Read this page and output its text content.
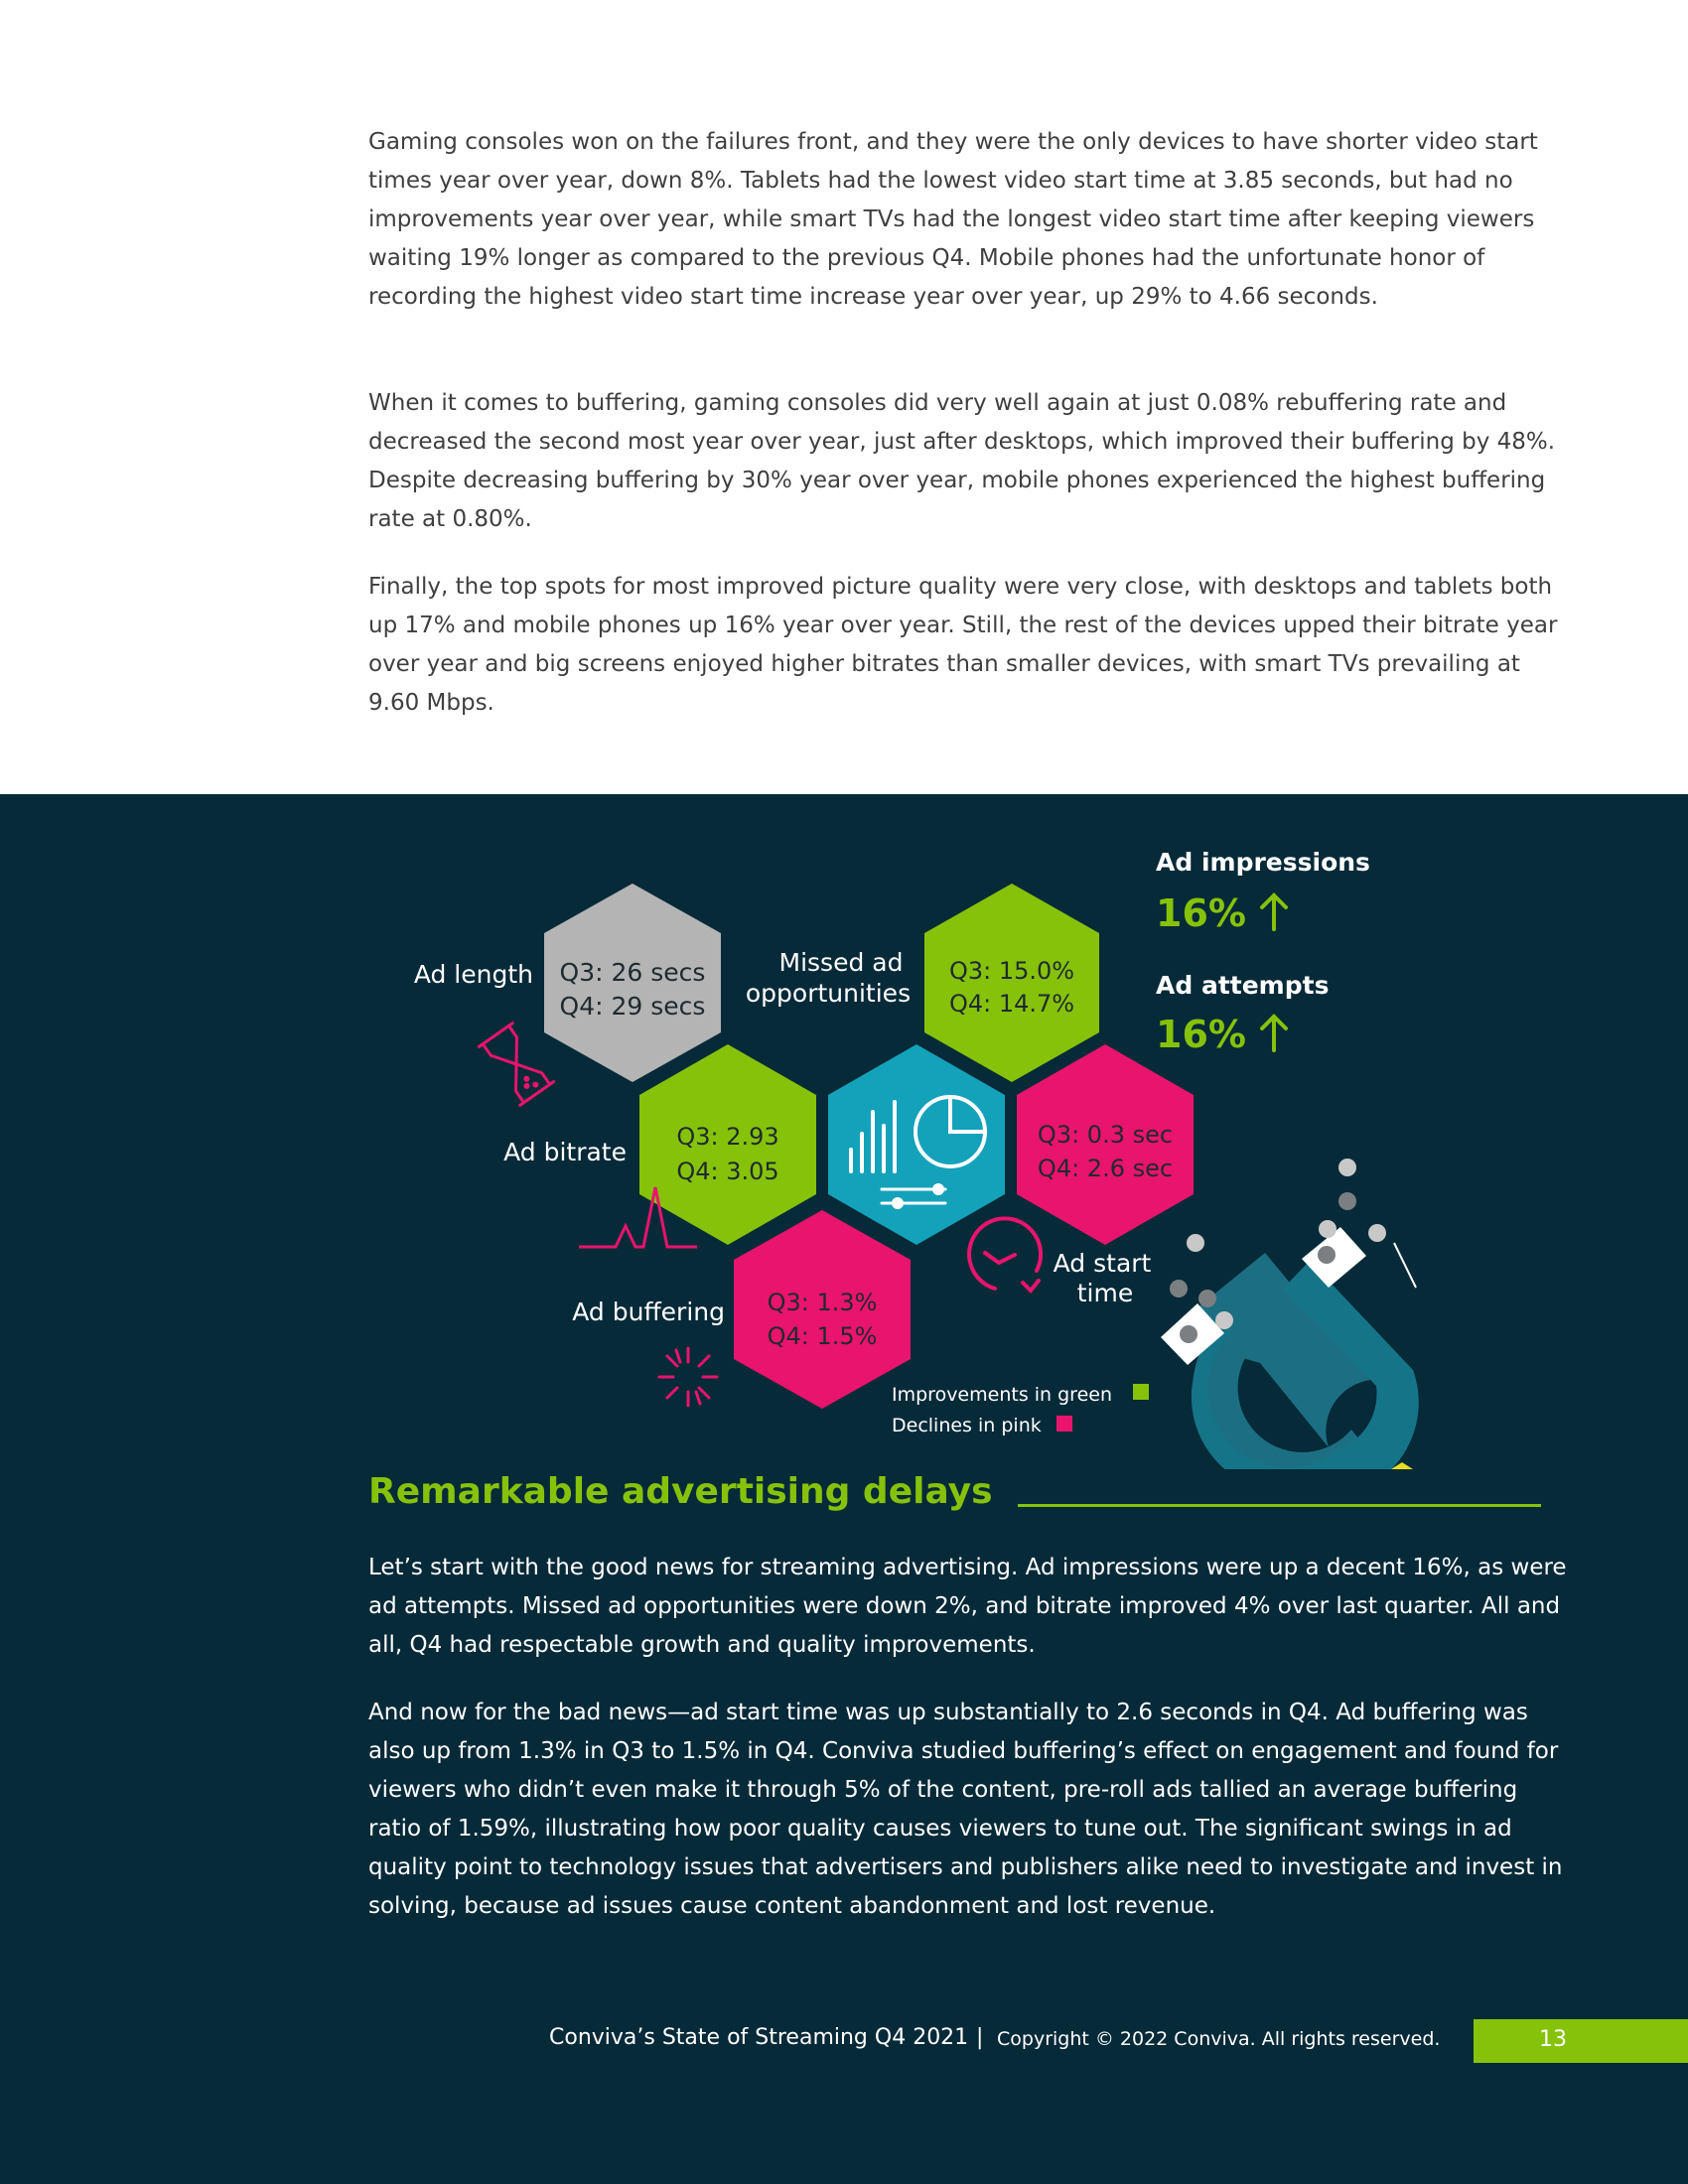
Gaming consoles won on the failures front, and they were the only devices to have shorter video start times year over year, down 8%. Tablets had the lowest video start time at 3.85 seconds, but had no improvements year over year, while smart TVs had the longest video start time after keeping viewers waiting 19% longer as compared to the previous Q4. Mobile phones had the unfortunate honor of recording the highest video start time increase year over year, up 29% to 4.66 seconds.

When it comes to buffering, gaming consoles did very well again at just 0.08% rebuffering rate and decreased the second most year over year, just after desktops, which improved their buffering by 48%. Despite decreasing buffering by 30% year over year, mobile phones experienced the highest buffering rate at 0.80%.

Finally, the top spots for most improved picture quality were very close, with desktops and tablets both up 17% and mobile phones up 16% year over year. Still, the rest of the devices upped their bitrate year over year and big screens enjoyed higher bitrates than smaller devices, with smart TVs prevailing at 9.60 Mbps.

Q3: 26 secs
Q4: 29 secs
Ad length	Q3: 15.0%
Q4: 14.7%
Missed ad
opportunities
Q3: 2.93
Q4: 3.05
Ad bitrate
Q3: 0.3 sec
Q4: 2.6 sec
Ad start
time
Q3: 1.3%
Q4: 1.5%
Ad buffering
Ad impressions
16%
Ad attempts
16%
Improvements in green
Declines in pink
Remarkable advertising delays

Let’s start with the good news for streaming advertising. Ad impressions were up a decent 16%, as were ad attempts. Missed ad opportunities were down 2%, and bitrate improved 4% over last quarter. All and all, Q4 had respectable growth and quality improvements.

And now for the bad news—ad start time was up substantially to 2.6 seconds in Q4. Ad buffering was also up from 1.3% in Q3 to 1.5% in Q4. Conviva studied buffering’s effect on engagement and found for viewers who didn’t even make it through 5% of the content, pre-roll ads tallied an average buffering ratio of 1.59%, illustrating how poor quality causes viewers to tune out. The significant swings in ad quality point to technology issues that advertisers and publishers alike need to investigate and invest in solving, because ad issues cause content abandonment and lost revenue.

Conviva’s State of Streaming Q4 2021 | Copyright © 2022 Conviva. All rights reserved.	13
